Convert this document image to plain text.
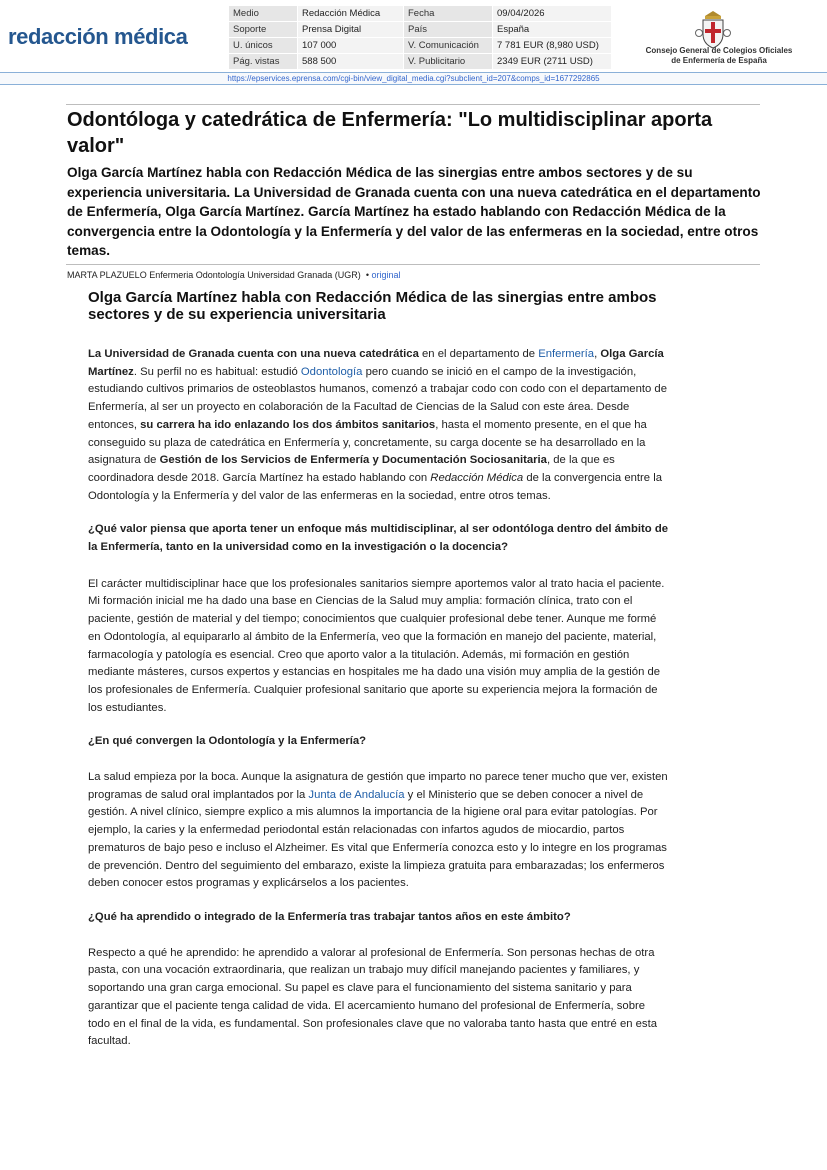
redacción médica
Medio	Redacción Médica	Fecha	09/04/2026
Soporte	Prensa Digital	País	España
U. únicos	107 000	V. Comunicación	7 781 EUR (8,980 USD)
Pág. vistas	588 500	V. Publicitario	2349 EUR (2711 USD)
Consejo General de Colegios Oficiales
de Enfermería de España
https://epservices.eprensa.com/cgi-bin/view_digital_media.cgi?subclient_id=207&comps_id=1677292865
Odontóloga y catedrática de Enfermería: "Lo multidisciplinar aporta valor"

Olga García Martínez habla con Redacción Médica de las sinergias entre ambos sectores y de su experiencia universitaria. La Universidad de Granada cuenta con una nueva catedrática en el departamento de Enfermería, Olga García Martínez. García Martínez ha estado hablando con Redacción Médica de la convergencia entre la Odontología y la Enfermería y del valor de las enfermeras en la sociedad, entre otros temas.

MARTA PLAZUELO Enfermeria Odontología Universidad Granada (UGR) • original
Olga García Martínez habla con Redacción Médica de las sinergias entre ambos sectores y de su experiencia universitaria

La Universidad de Granada cuenta con una nueva catedrática en el departamento de Enfermería, Olga García Martínez. Su perfil no es habitual: estudió Odontología pero cuando se inició en el campo de la investigación, estudiando cultivos primarios de osteoblastos humanos, comenzó a trabajar codo con codo con el departamento de Enfermería, al ser un proyecto en colaboración de la Facultad de Ciencias de la Salud con este área. Desde entonces, su carrera ha ido enlazando los dos ámbitos sanitarios, hasta el momento presente, en el que ha conseguido su plaza de catedrática en Enfermería y, concretamente, su carga docente se ha desarrollado en la asignatura de Gestión de los Servicios de Enfermería y Documentación Sociosanitaria, de la que es coordinadora desde 2018. García Martínez ha estado hablando con Redacción Médica de la convergencia entre la Odontología y la Enfermería y del valor de las enfermeras en la sociedad, entre otros temas.

¿Qué valor piensa que aporta tener un enfoque más multidisciplinar, al ser odontóloga dentro del ámbito de la Enfermería, tanto en la universidad como en la investigación o la docencia?

El carácter multidisciplinar hace que los profesionales sanitarios siempre aportemos valor al trato hacia el paciente. Mi formación inicial me ha dado una base en Ciencias de la Salud muy amplia: formación clínica, trato con el paciente, gestión de material y del tiempo; conocimientos que cualquier profesional debe tener. Aunque me formé en Odontología, al equipararlo al ámbito de la Enfermería, veo que la formación en manejo del paciente, material, farmacología y patología es esencial. Creo que aporto valor a la titulación. Además, mi formación en gestión mediante másteres, cursos expertos y estancias en hospitales me ha dado una visión muy amplia de la gestión de los profesionales de Enfermería. Cualquier profesional sanitario que aporte su experiencia mejora la formación de los estudiantes.

¿En qué convergen la Odontología y la Enfermería?

La salud empieza por la boca. Aunque la asignatura de gestión que imparto no parece tener mucho que ver, existen programas de salud oral implantados por la Junta de Andalucía y el Ministerio que se deben conocer a nivel de gestión. A nivel clínico, siempre explico a mis alumnos la importancia de la higiene oral para evitar patologías. Por ejemplo, la caries y la enfermedad periodontal están relacionadas con infartos agudos de miocardio, partos prematuros de bajo peso e incluso el Alzheimer. Es vital que Enfermería conozca esto y lo integre en los programas de prevención. Dentro del seguimiento del embarazo, existe la limpieza gratuita para embarazadas; los enfermeros deben conocer estos programas y explicárselos a los pacientes.

¿Qué ha aprendido o integrado de la Enfermería tras trabajar tantos años en este ámbito?

Respecto a qué he aprendido: he aprendido a valorar al profesional de Enfermería. Son personas hechas de otra pasta, con una vocación extraordinaria, que realizan un trabajo muy difícil manejando pacientes y familiares, y soportando una gran carga emocional. Su papel es clave para el funcionamiento del sistema sanitario y para garantizar que el paciente tenga calidad de vida. El acercamiento humano del profesional de Enfermería, sobre todo en el final de la vida, es fundamental. Son profesionales clave que no valoraba tanto hasta que entré en esta facultad.
